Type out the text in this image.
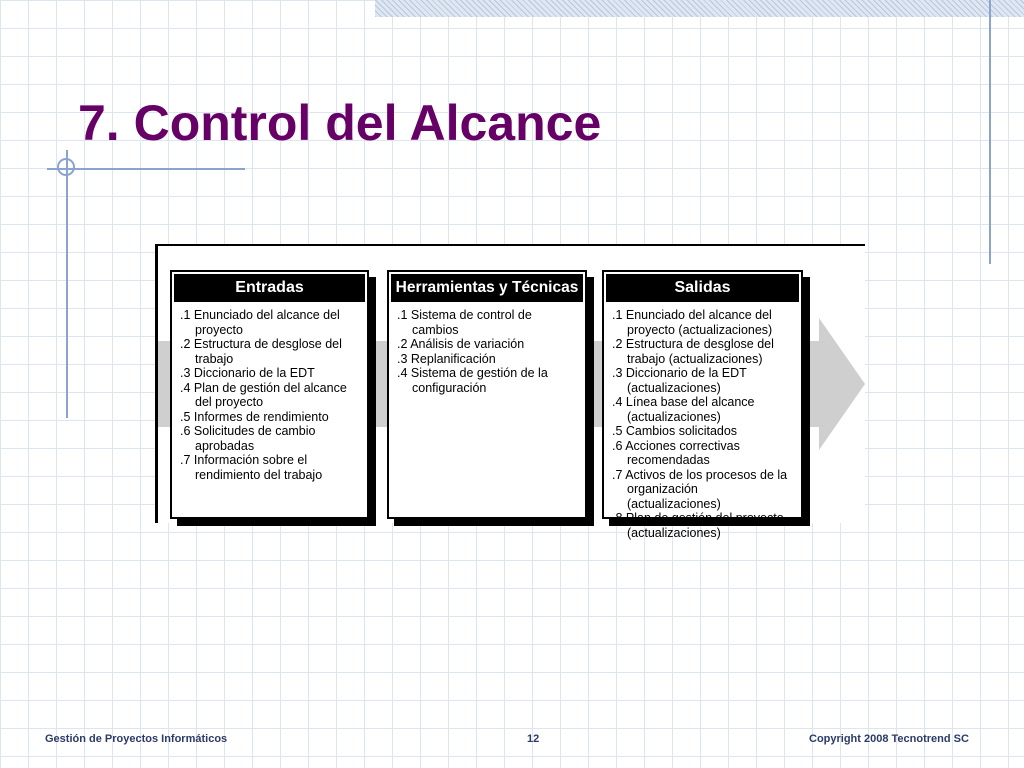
7. Control del Alcance
Entradas
.1 Enunciado del alcance del proyecto
.2 Estructura de desglose del trabajo
.3 Diccionario de la EDT
.4 Plan de gestión del alcance del proyecto
.5 Informes de rendimiento
.6 Solicitudes de cambio aprobadas
.7 Información sobre el rendimiento del trabajo
Herramientas y Técnicas
.1 Sistema de control de cambios
.2 Análisis de variación
.3 Replanificación
.4 Sistema de gestión de la configuración
Salidas
.1 Enunciado del alcance del proyecto (actualizaciones)
.2 Estructura de desglose del trabajo (actualizaciones)
.3 Diccionario de la EDT (actualizaciones)
.4 Línea base del alcance (actualizaciones)
.5 Cambios solicitados
.6 Acciones correctivas recomendadas
.7 Activos de los procesos de la organización (actualizaciones)
.8 Plan de gestión del proyecto (actualizaciones)
Gestión de Proyectos Informáticos	12	Copyright 2008 Tecnotrend SC
